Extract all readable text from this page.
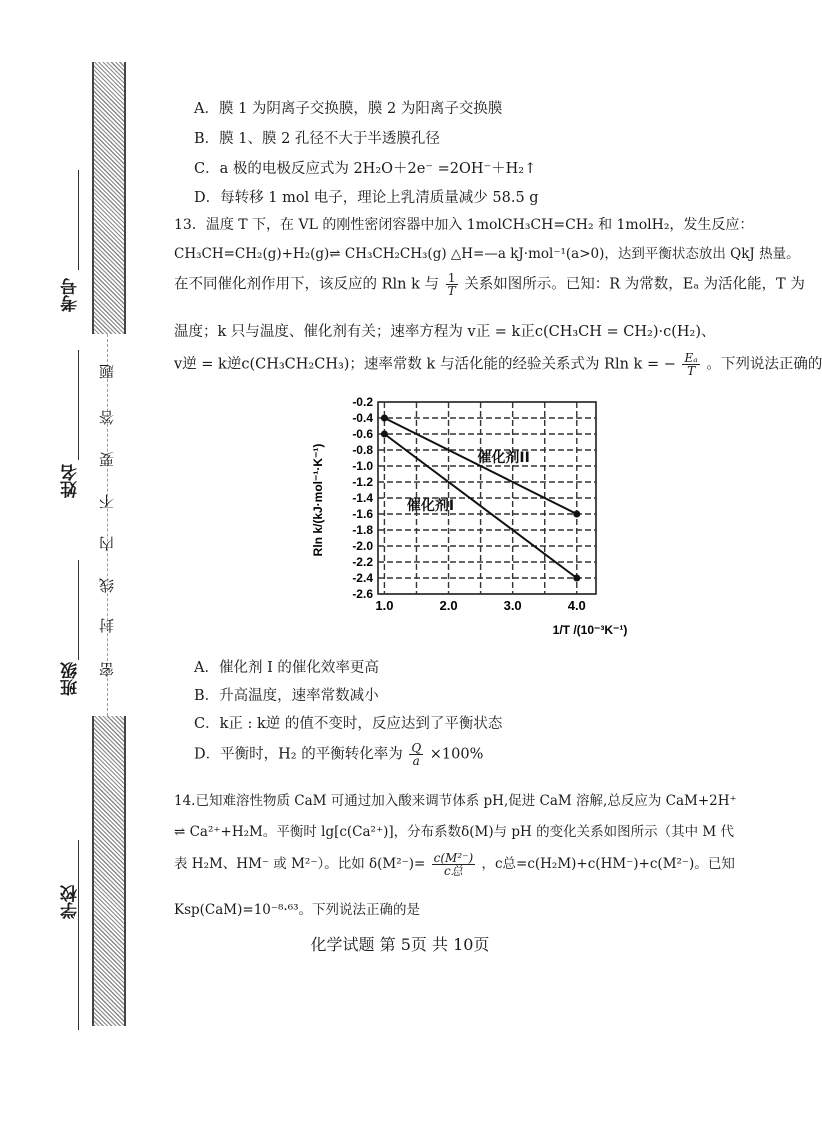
密
封
线
内
不
要
答
题
学校
班级
姓名
考号
A．膜 1 为阴离子交换膜，膜 2 为阳离子交换膜
B．膜 1、膜 2 孔径不大于半透膜孔径
C．a 极的电极反应式为 2H₂O＋2e⁻ =2OH⁻＋H₂↑
D．每转移 1 mol 电子，理论上乳清质量减少 58.5 g
13．温度 T 下，在 VL 的刚性密闭容器中加入 1molCH₃CH=CH₂ 和 1molH₂，发生反应：
CH₃CH=CH₂(g)+H₂(g)⇌ CH₃CH₂CH₃(g) △H=—a kJ·mol⁻¹(a>0)，达到平衡状态放出 QkJ 热量。
在不同催化剂作用下，该反应的 Rln k 与 $\frac{1}{T}$ 关系如图所示。已知：R 为常数，Eₐ 为活化能，T 为
温度；k 只与温度、催化剂有关；速率方程为 v正 = k正c(CH₃CH = CH₂)·c(H₂)、
v逆 = k逆c(CH₃CH₂CH₃)；速率常数 k 与活化能的经验关系式为 Rln k = − $\frac{\text{Eₐ}}{T}$ 。下列说法正确的
A．催化剂 I 的催化效率更高
B．升高温度，速率常数减小
C．k正 : k逆 的值不变时，反应达到了平衡状态
D．平衡时，H₂ 的平衡转化率为 $\frac{Q}{a} \times 100\%$
14.已知难溶性物质 CaM 可通过加入酸来调节体系 pH,促进 CaM 溶解,总反应为 CaM+2H⁺
⇌ Ca²⁺+H₂M。平衡时 lg[c(Ca²⁺)]，分布系数δ(M)与 pH 的变化关系如图所示（其中 M 代
表 H₂M、HM⁻ 或 M²⁻）。比如 $\delta(M^{2-})= \frac{\text{c(M²⁻)}}{\text{c总}}$ ，c总=c(H₂M)+c(HM⁻)+c(M²⁻)。已知
Ksp(CaM)=10⁻⁸·⁶³。下列说法正确的是
-0.2
-0.4
-0.6
-0.8
-1.0
-1.2
-1.4
-1.6
-1.8
-2.0
-2.2
-2.4
-2.6
1.0	2.0	3.0	4.0
催化剂II
催化剂I
Rln k/(kJ·mol⁻¹·K⁻¹)
1/T /(10⁻³K⁻¹)
化学试题 第 5页 共 10页
